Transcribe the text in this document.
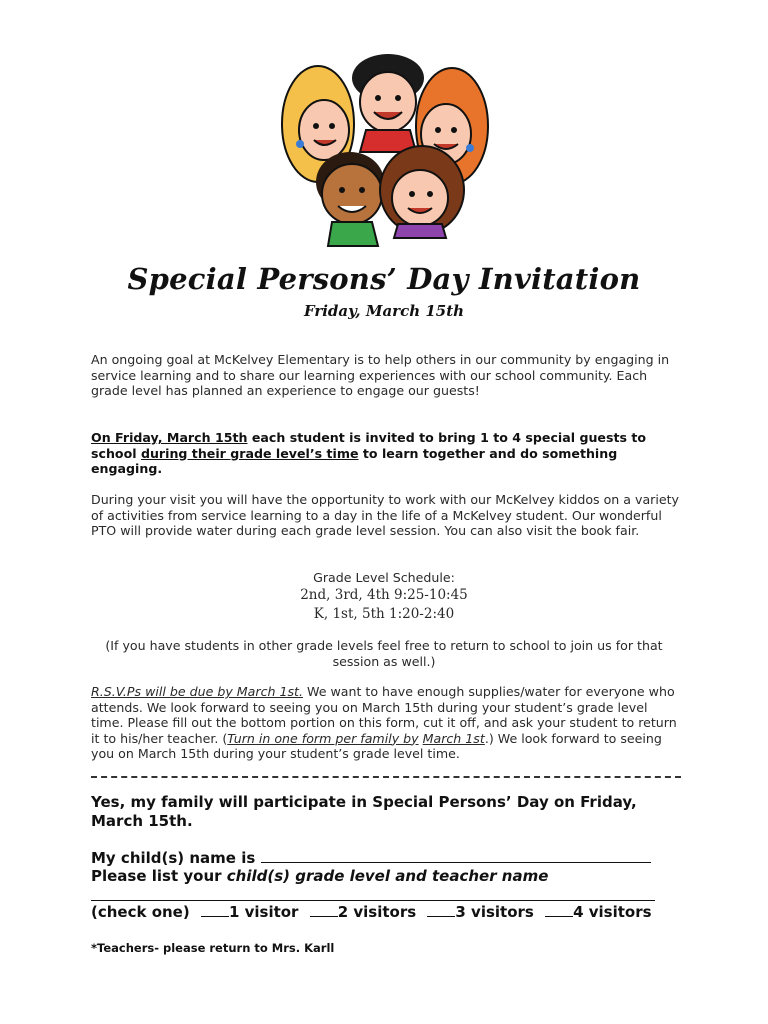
Special Persons’ Day Invitation
Friday, March 15th
An ongoing goal at McKelvey Elementary is to help others in our community by engaging in service learning and to share our learning experiences with our school community. Each grade level has planned an experience to engage our guests!
On Friday, March 15th each student is invited to bring 1 to 4 special guests to school during their grade level’s time to learn together and do something engaging.
During your visit you will have the opportunity to work with our McKelvey kiddos on a variety of activities from service learning to a day in the life of a McKelvey student. Our wonderful PTO will provide water during each grade level session. You can also visit the book fair.
Grade Level Schedule:
2nd, 3rd, 4th 9:25-10:45
K, 1st, 5th 1:20-2:40
(If you have students in other grade levels feel free to return to school to join us for that session as well.)
R.S.V.Ps will be due by March 1st. We want to have enough supplies/water for everyone who attends. We look forward to seeing you on March 15th during your student’s grade level time. Please fill out the bottom portion on this form, cut it off, and ask your student to return it to his/her teacher. (Turn in one form per family by March 1st.) We look forward to seeing you on March 15th during your student’s grade level time.
Yes, my family will participate in Special Persons’ Day on Friday, March 15th.
My child(s) name is
Please list your child(s) grade level and teacher name
(check one) 1 visitor	2 visitors	3 visitors	4 visitors
*Teachers- please return to Mrs. Karll
